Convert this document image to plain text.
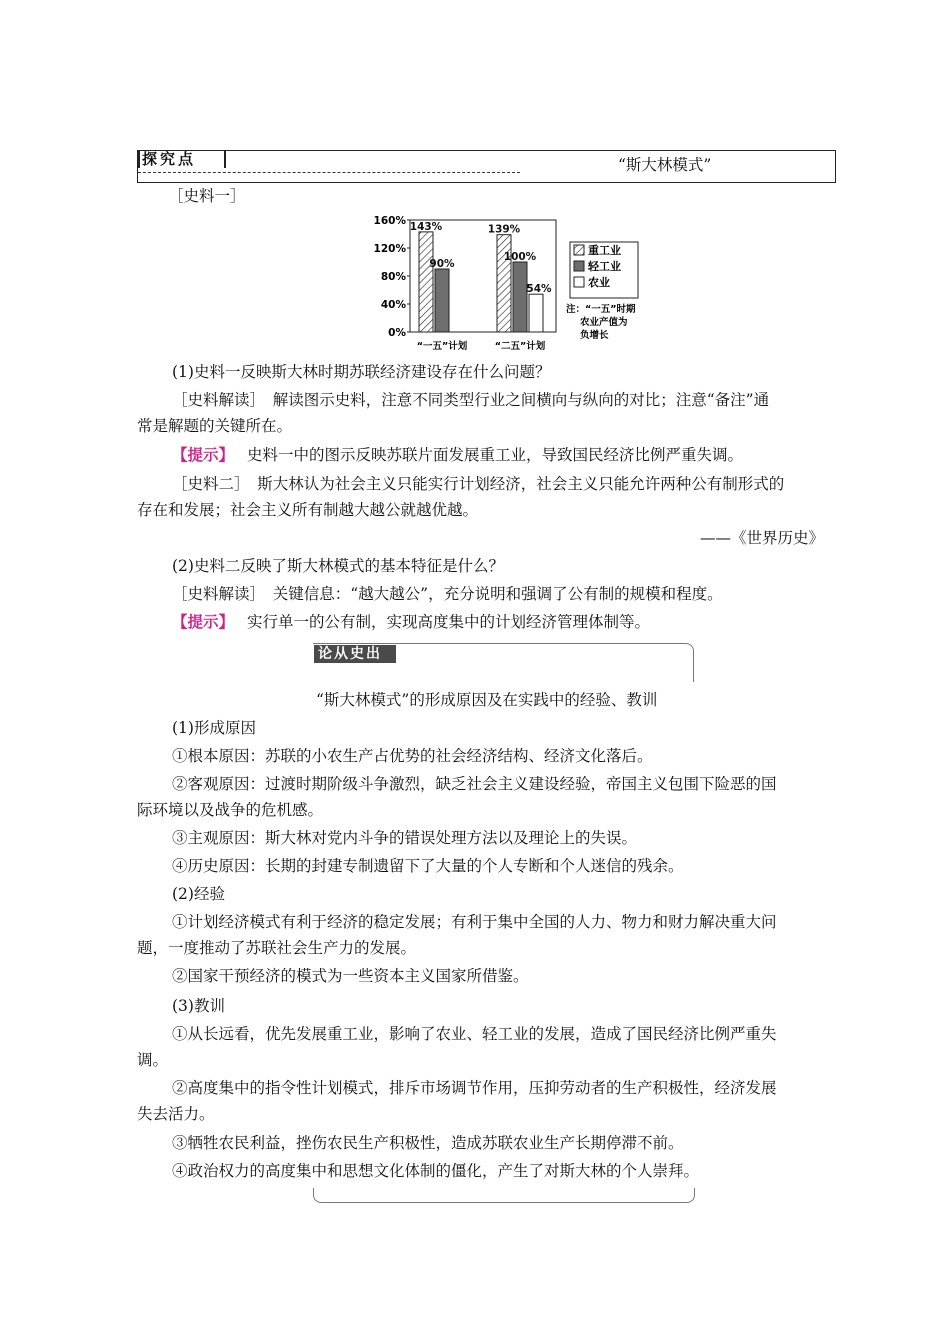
探究点	“斯大林模式”
［史料一］
160%
120%
80%
40%
0%
“一五”计划	“二五”计划
143%	139%
90%
100%
54%
重工业
轻工业
农业
注：“一五”时期
农业产值为
负增长
(1)史料一反映斯大林时期苏联经济建设存在什么问题？
［史料解读］　解读图示史料，注意不同类型行业之间横向与纵向的对比；注意“备注”通
常是解题的关键所在。
【提示】 史料一中的图示反映苏联片面发展重工业，导致国民经济比例严重失调。
［史料二］　斯大林认为社会主义只能实行计划经济，社会主义只能允许两种公有制形式的
存在和发展；社会主义所有制越大越公就越优越。
——《世界历史》
(2)史料二反映了斯大林模式的基本特征是什么？
［史料解读］　关键信息：“越大越公”，充分说明和强调了公有制的规模和程度。
【提示】 实行单一的公有制，实现高度集中的计划经济管理体制等。
论从史出
“斯大林模式”的形成原因及在实践中的经验、教训
(1)形成原因
①根本原因：苏联的小农生产占优势的社会经济结构、经济文化落后。
②客观原因：过渡时期阶级斗争激烈，缺乏社会主义建设经验，帝国主义包围下险恶的国
际环境以及战争的危机感。
③主观原因：斯大林对党内斗争的错误处理方法以及理论上的失误。
④历史原因：长期的封建专制遗留下了大量的个人专断和个人迷信的残余。
(2)经验
①计划经济模式有利于经济的稳定发展；有利于集中全国的人力、物力和财力解决重大问
题，一度推动了苏联社会生产力的发展。
②国家干预经济的模式为一些资本主义国家所借鉴。
(3)教训
①从长远看，优先发展重工业，影响了农业、轻工业的发展，造成了国民经济比例严重失
调。
②高度集中的指令性计划模式，排斥市场调节作用，压抑劳动者的生产积极性，经济发展
失去活力。
③牺牲农民利益，挫伤农民生产积极性，造成苏联农业生产长期停滞不前。
④政治权力的高度集中和思想文化体制的僵化，产生了对斯大林的个人崇拜。
